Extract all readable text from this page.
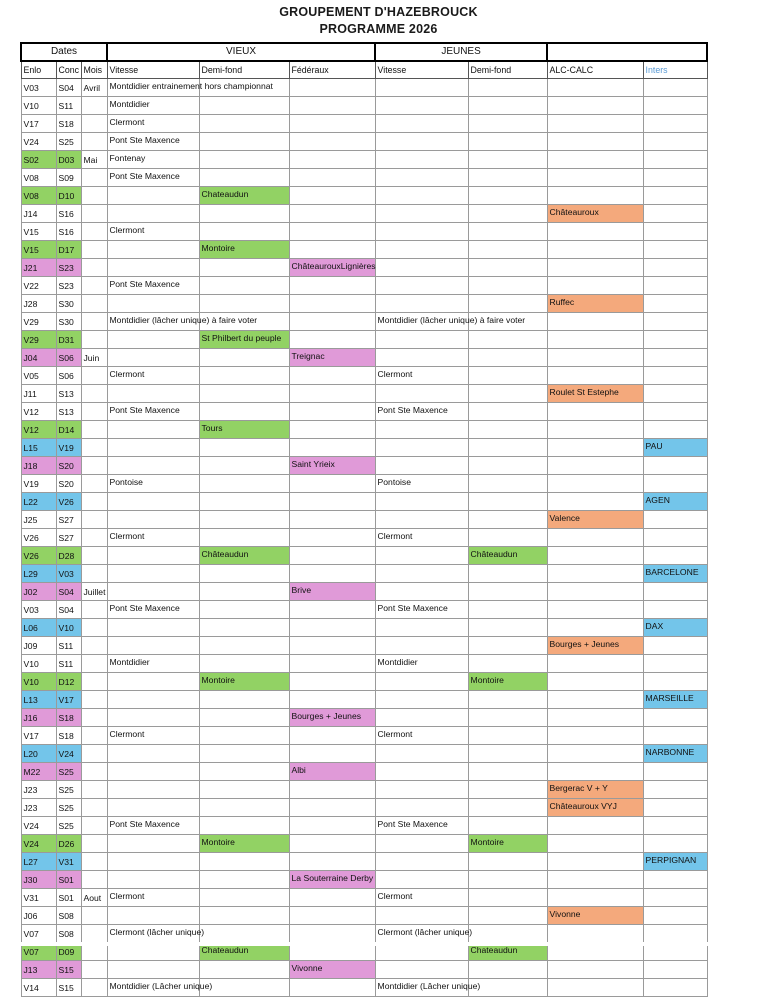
GROUPEMENT D'HAZEBROUCK
PROGRAMME 2026
Dates			VIEUX			JEUNES			
Enlo	Conc	Mois	Vitesse	Demi-fond	Fédéraux	Vitesse	Demi-fond	ALC-CALC	Inters
V03	S04	Avril	Montdidier entrainement hors championnat						

V10	S11		Montdidier						

V17	S18		Clermont						

V24	S25		Pont Ste Maxence						

S02	D03	Mai	Fontenay						

V08	S09		Pont Ste Maxence						

V08	D10			Chateaudun					

J14	S16							Châteauroux	

V15	S16		Clermont						

V15	D17			Montoire					

J21	S23				ChâteaurouxLignières				

V22	S23		Pont Ste Maxence						

J28	S30							Ruffec	

V29	S30		Montdidier (lâcher unique) à faire voter			Montdidier (lâcher unique) à faire voter			

V29	D31			St Philbert du peuple					

J04	S06	Juin			Treignac				

V05	S06		Clermont			Clermont			

J11	S13							Roulet St Estephe	

V12	S13		Pont Ste Maxence			Pont Ste Maxence			

V12	D14			Tours					

L15	V19								PAU

J18	S20				Saint Yrieix				

V19	S20		Pontoise			Pontoise			

L22	V26								AGEN

J25	S27							Valence	

V26	S27		Clermont			Clermont			

V26	D28			Châteaudun			Châteaudun		

L29	V03								BARCELONE

J02	S04	Juillet			Brive				

V03	S04		Pont Ste Maxence			Pont Ste Maxence			

L06	V10								DAX

J09	S11							Bourges + Jeunes	

V10	S11		Montdidier			Montdidier			

V10	D12			Montoire			Montoire		

L13	V17								MARSEILLE

J16	S18				Bourges + Jeunes				

V17	S18		Clermont			Clermont			

L20	V24								NARBONNE

M22	S25				Albi				

J23	S25							Bergerac V + Y	

J23	S25							Châteauroux VYJ	

V24	S25		Pont Ste Maxence			Pont Ste Maxence			

V24	D26			Montoire			Montoire		

L27	V31								PERPIGNAN

J30	S01				La Souterraine Derby				

V31	S01	Aout	Clermont			Clermont			

J06	S08							Vivonne	

V07	S08		Clermont (lâcher unique)			Clermont (lâcher unique)			

V07	D09			Chateaudun			Chateaudun		

J13	S15				Vivonne				

V14	S15		Montdidier (Lâcher unique)			Montdidier (Lâcher unique)			
